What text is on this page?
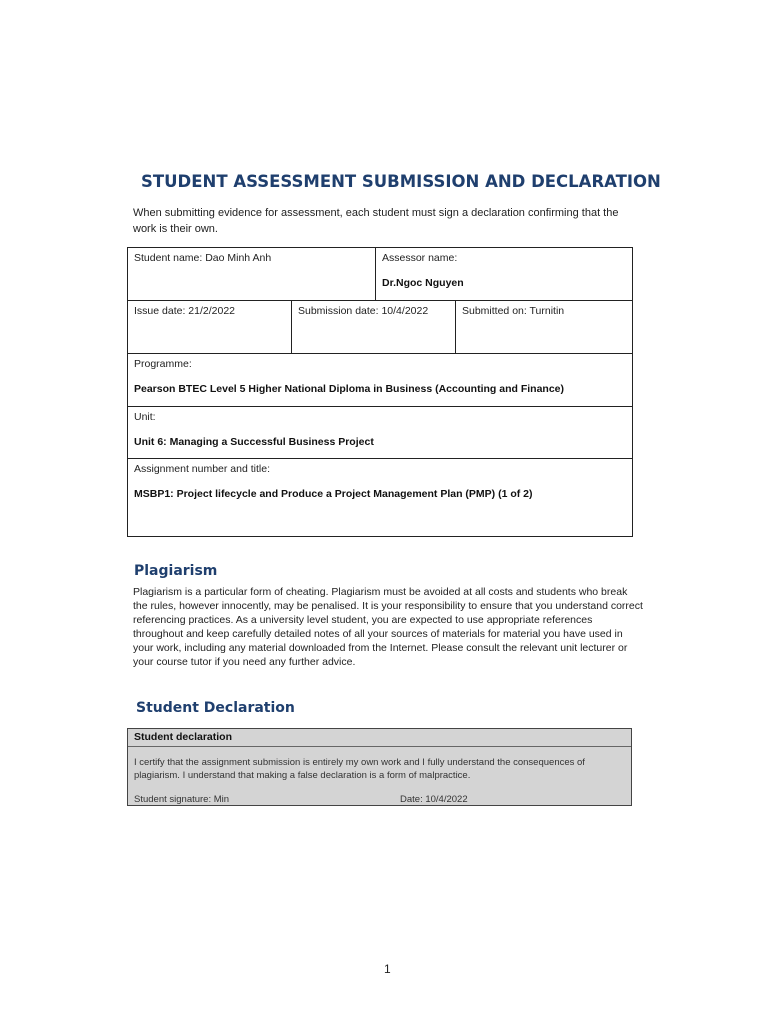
STUDENT ASSESSMENT SUBMISSION AND DECLARATION

When submitting evidence for assessment, each student must sign a declaration confirming that the work is their own.

Student name: Dao Minh Anh	Assessor name:
Dr.Ngoc Nguyen
Issue date: 21/2/2022	Submission date: 10/4/2022	Submitted on: Turnitin
Programme:
Pearson BTEC Level 5 Higher National Diploma in Business (Accounting and Finance)
Unit:
Unit 6: Managing a Successful Business Project
Assignment number and title:
MSBP1: Project lifecycle and Produce a Project Management Plan (PMP) (1 of 2)
Plagiarism

Plagiarism is a particular form of cheating. Plagiarism must be avoided at all costs and students who break the rules, however innocently, may be penalised. It is your responsibility to ensure that you understand correct referencing practices. As a university level student, you are expected to use appropriate references throughout and keep carefully detailed notes of all your sources of materials for material you have used in your work, including any material downloaded from the Internet. Please consult the relevant unit lecturer or your course tutor if you need any further advice.

Student Declaration
Student declaration

I certify that the assignment submission is entirely my own work and I fully understand the consequences of plagiarism. I understand that making a false declaration is a form of malpractice.

Student signature: Min	Date: 10/4/2022
1
